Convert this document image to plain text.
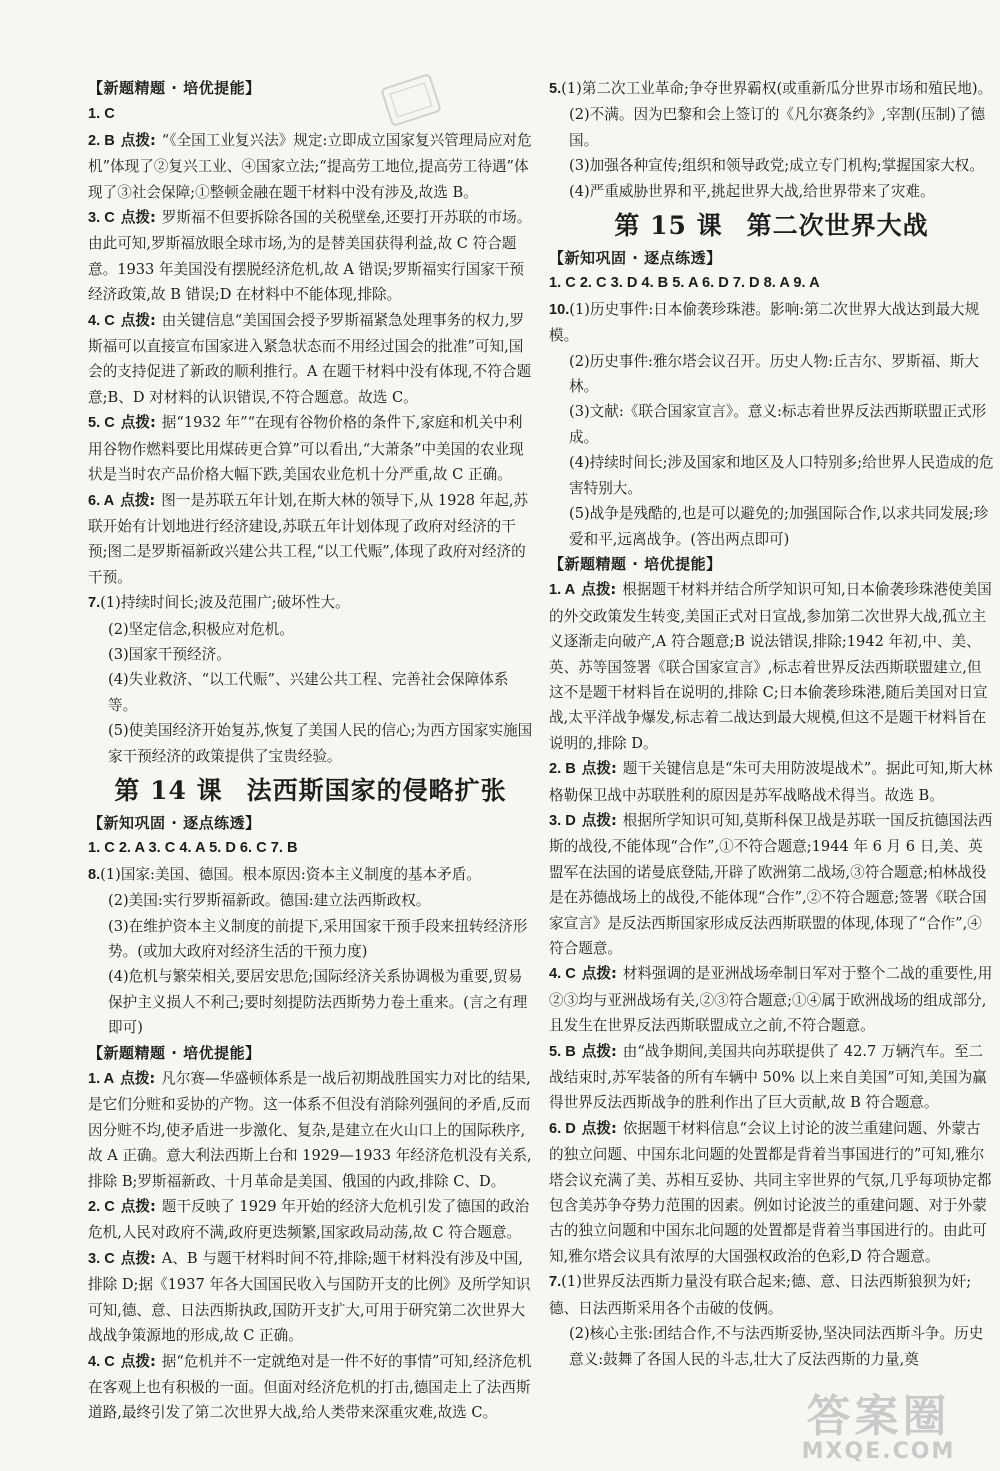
【新题精题 · 培优提能】
1. C
2. B 点拨: “《全国工业复兴法》规定:立即成立国家复兴管理局应对危机”体现了②复兴工业、④国家立法;“提高劳工地位,提高劳工待遇”体现了③社会保障;①整顿金融在题干材料中没有涉及,故选 B。
3. C 点拨: 罗斯福不但要拆除各国的关税壁垒,还要打开苏联的市场。由此可知,罗斯福放眼全球市场,为的是替美国获得利益,故 C 符合题意。1933 年美国没有摆脱经济危机,故 A 错误;罗斯福实行国家干预经济政策,故 B 错误;D 在材料中不能体现,排除。
4. C 点拨: 由关键信息“美国国会授予罗斯福紧急处理事务的权力,罗斯福可以直接宣布国家进入紧急状态而不用经过国会的批准”可知,国会的支持促进了新政的顺利推行。A 在题干材料中没有体现,不符合题意;B、D 对材料的认识错误,不符合题意。故选 C。
5. C 点拨: 据“1932 年”“在现有谷物价格的条件下,家庭和机关中利用谷物作燃料要比用煤砖更合算”可以看出,“大萧条”中美国的农业现状是当时农产品价格大幅下跌,美国农业危机十分严重,故 C 正确。
6. A 点拨: 图一是苏联五年计划,在斯大林的领导下,从 1928 年起,苏联开始有计划地进行经济建设,苏联五年计划体现了政府对经济的干预;图二是罗斯福新政兴建公共工程,“以工代赈”,体现了政府对经济的干预。
7.(1)持续时间长;波及范围广;破坏性大。
(2)坚定信念,积极应对危机。
(3)国家干预经济。
(4)失业救济、“以工代赈”、兴建公共工程、完善社会保障体系等。
(5)使美国经济开始复苏,恢复了美国人民的信心;为西方国家实施国家干预经济的政策提供了宝贵经验。
第 14 课 法西斯国家的侵略扩张
【新知巩固 · 逐点练透】
1. C 2. A 3. C 4. A 5. D 6. C 7. B
8.(1)国家:美国、德国。根本原因:资本主义制度的基本矛盾。
(2)美国:实行罗斯福新政。德国:建立法西斯政权。
(3)在维护资本主义制度的前提下,采用国家干预手段来扭转经济形势。(或加大政府对经济生活的干预力度)
(4)危机与繁荣相关,要居安思危;国际经济关系协调极为重要,贸易保护主义损人不利己;要时刻提防法西斯势力卷土重来。(言之有理即可)
【新题精题 · 培优提能】
1. A 点拨: 凡尔赛—华盛顿体系是一战后初期战胜国实力对比的结果,是它们分赃和妥协的产物。这一体系不但没有消除列强间的矛盾,反而因分赃不均,使矛盾进一步激化、复杂,是建立在火山口上的国际秩序,故 A 正确。意大利法西斯上台和 1929—1933 年经济危机没有关系,排除 B;罗斯福新政、十月革命是美国、俄国的内政,排除 C、D。
2. C 点拨: 题干反映了 1929 年开始的经济大危机引发了德国的政治危机,人民对政府不满,政府更迭频繁,国家政局动荡,故 C 符合题意。
3. C 点拨: A、B 与题干材料时间不符,排除;题干材料没有涉及中国,排除 D;据《1937 年各大国国民收入与国防开支的比例》及所学知识可知,德、意、日法西斯执政,国防开支扩大,可用于研究第二次世界大战战争策源地的形成,故 C 正确。
4. C 点拨: 据“危机并不一定就绝对是一件不好的事情”可知,经济危机在客观上也有积极的一面。但面对经济危机的打击,德国走上了法西斯道路,最终引发了第二次世界大战,给人类带来深重灾难,故选 C。
5.(1)第二次工业革命;争夺世界霸权(或重新瓜分世界市场和殖民地)。
(2)不满。因为巴黎和会上签订的《凡尔赛条约》,宰割(压制)了德国。
(3)加强各种宣传;组织和领导政党;成立专门机构;掌握国家大权。
(4)严重威胁世界和平,挑起世界大战,给世界带来了灾难。
第 15 课 第二次世界大战
【新知巩固 · 逐点练透】
1. C 2. C 3. D 4. B 5. A 6. D 7. D 8. A 9. A
10.(1)历史事件:日本偷袭珍珠港。影响:第二次世界大战达到最大规模。
(2)历史事件:雅尔塔会议召开。历史人物:丘吉尔、罗斯福、斯大林。
(3)文献:《联合国家宣言》。意义:标志着世界反法西斯联盟正式形成。
(4)持续时间长;涉及国家和地区及人口特别多;给世界人民造成的危害特别大。
(5)战争是残酷的,也是可以避免的;加强国际合作,以求共同发展;珍爱和平,远离战争。(答出两点即可)
【新题精题 · 培优提能】
1. A 点拨: 根据题干材料并结合所学知识可知,日本偷袭珍珠港使美国的外交政策发生转变,美国正式对日宣战,参加第二次世界大战,孤立主义逐渐走向破产,A 符合题意;B 说法错误,排除;1942 年初,中、美、英、苏等国签署《联合国家宣言》,标志着世界反法西斯联盟建立,但这不是题干材料旨在说明的,排除 C;日本偷袭珍珠港,随后美国对日宣战,太平洋战争爆发,标志着二战达到最大规模,但这不是题干材料旨在说明的,排除 D。
2. B 点拨: 题干关键信息是“朱可夫用防波堤战术”。据此可知,斯大林格勒保卫战中苏联胜利的原因是苏军战略战术得当。故选 B。
3. D 点拨: 根据所学知识可知,莫斯科保卫战是苏联一国反抗德国法西斯的战役,不能体现“合作”,①不符合题意;1944 年 6 月 6 日,美、英盟军在法国的诺曼底登陆,开辟了欧洲第二战场,③符合题意;柏林战役是在苏德战场上的战役,不能体现“合作”,②不符合题意;签署《联合国家宣言》是反法西斯国家形成反法西斯联盟的体现,体现了“合作”,④符合题意。
4. C 点拨: 材料强调的是亚洲战场牵制日军对于整个二战的重要性,用②③均与亚洲战场有关,②③符合题意;①④属于欧洲战场的组成部分,且发生在世界反法西斯联盟成立之前,不符合题意。
5. B 点拨: 由“战争期间,美国共向苏联提供了 42.7 万辆汽车。至二战结束时,苏军装备的所有车辆中 50% 以上来自美国”可知,美国为赢得世界反法西斯战争的胜利作出了巨大贡献,故 B 符合题意。
6. D 点拨: 依据题干材料信息“会议上讨论的波兰重建问题、外蒙古的独立问题、中国东北问题的处置都是背着当事国进行的”可知,雅尔塔会议充满了美、苏相互妥协、共同主宰世界的气氛,几乎每项协定都包含美苏争夺势力范围的因素。例如讨论波兰的重建问题、对于外蒙古的独立问题和中国东北问题的处置都是背着当事国进行的。由此可知,雅尔塔会议具有浓厚的大国强权政治的色彩,D 符合题意。
7.(1)世界反法西斯力量没有联合起来;德、意、日法西斯狼狈为奸;德、日法西斯采用各个击破的伎俩。
(2)核心主张:团结合作,不与法西斯妥协,坚决同法西斯斗争。历史意义:鼓舞了各国人民的斗志,壮大了反法西斯的力量,奠
答案圈
MXQE.COM
